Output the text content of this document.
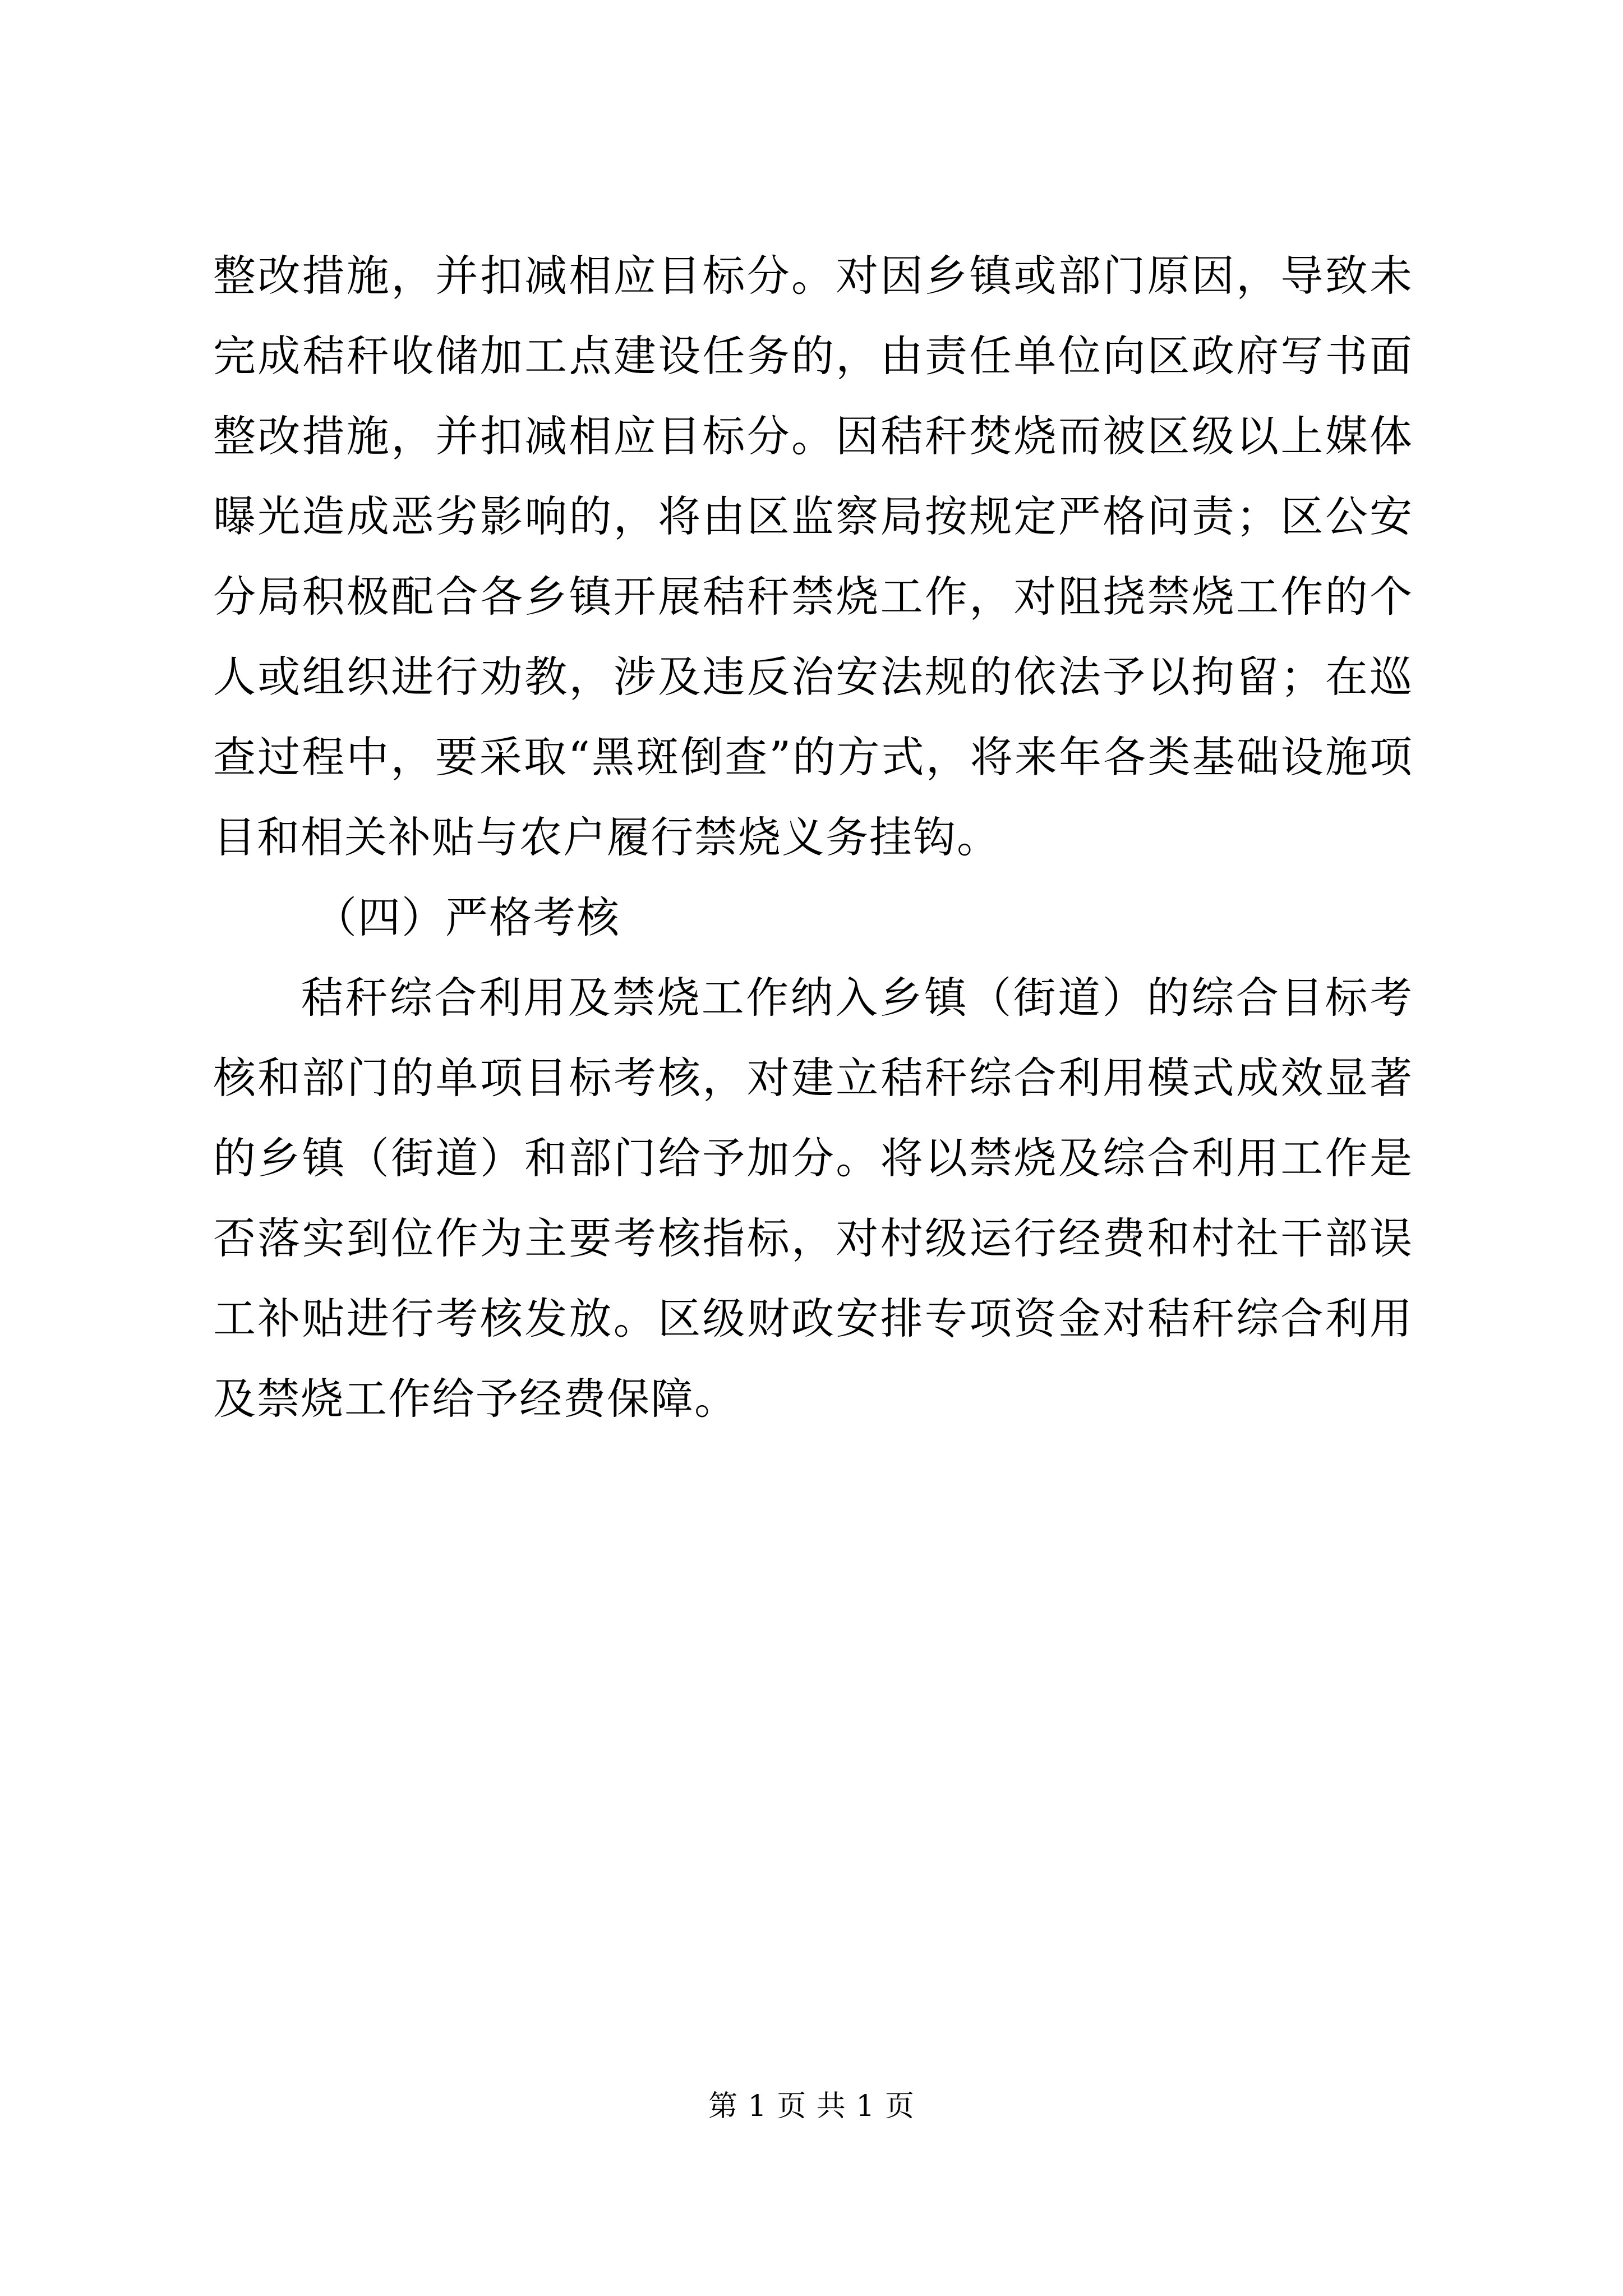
整改措施，并扣减相应目标分。对因乡镇或部门原因，导致未完成秸秆收储加工点建设任务的，由责任单位向区政府写书面整改措施，并扣减相应目标分。因秸秆焚烧而被区级以上媒体曝光造成恶劣影响的，将由区监察局按规定严格问责；区公安分局积极配合各乡镇开展秸秆禁烧工作，对阻挠禁烧工作的个人或组织进行劝教，涉及违反治安法规的依法予以拘留；在巡查过程中，要采取“黑斑倒查”的方式，将来年各类基础设施项目和相关补贴与农户履行禁烧义务挂钩。

（四）严格考核

秸秆综合利用及禁烧工作纳入乡镇（街道）的综合目标考核和部门的单项目标考核，对建立秸秆综合利用模式成效显著的乡镇（街道）和部门给予加分。将以禁烧及综合利用工作是否落实到位作为主要考核指标，对村级运行经费和村社干部误工补贴进行考核发放。区级财政安排专项资金对秸秆综合利用及禁烧工作给予经费保障。

第 1 页 共 1 页
